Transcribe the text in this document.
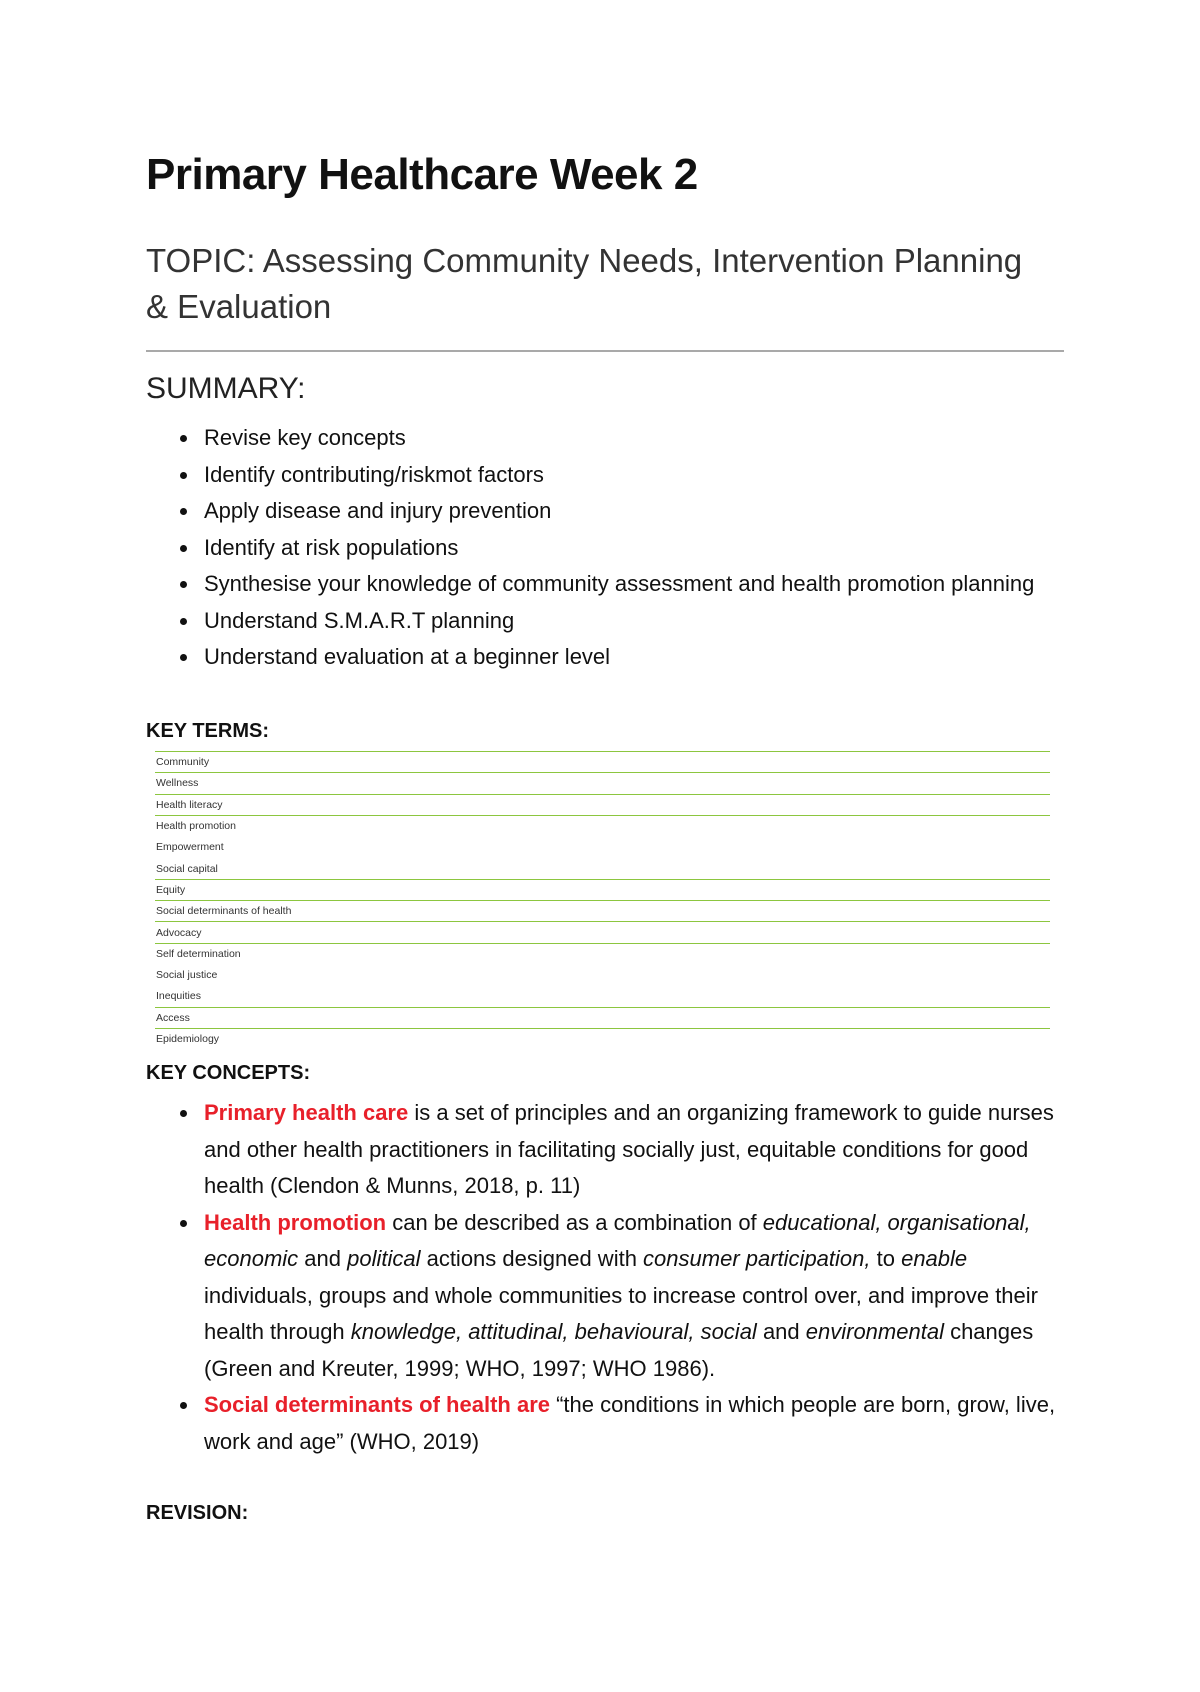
Primary Healthcare Week 2
TOPIC: Assessing Community Needs, Intervention Planning & Evaluation
SUMMARY:
Revise key concepts
Identify contributing/riskmot factors
Apply disease and injury prevention
Identify at risk populations
Synthesise your knowledge of community assessment and health promotion planning
Understand S.M.A.R.T planning
Understand evaluation at a beginner level
KEY TERMS:
Community
Wellness
Health literacy
Health promotion
Empowerment
Social capital
Equity
Social determinants of health
Advocacy
Self determination
Social justice
Inequities
Access
Epidemiology
KEY CONCEPTS:
Primary health care is a set of principles and an organizing framework to guide nurses and other health practitioners in facilitating socially just, equitable conditions for good health (Clendon & Munns, 2018, p. 11)
Health promotion can be described as a combination of educational, organisational, economic and political actions designed with consumer participation, to enable individuals, groups and whole communities to increase control over, and improve their health through knowledge, attitudinal, behavioural, social and environmental changes (Green and Kreuter, 1999; WHO, 1997; WHO 1986).
Social determinants of health are “the conditions in which people are born, grow, live, work and age” (WHO, 2019)
REVISION:
